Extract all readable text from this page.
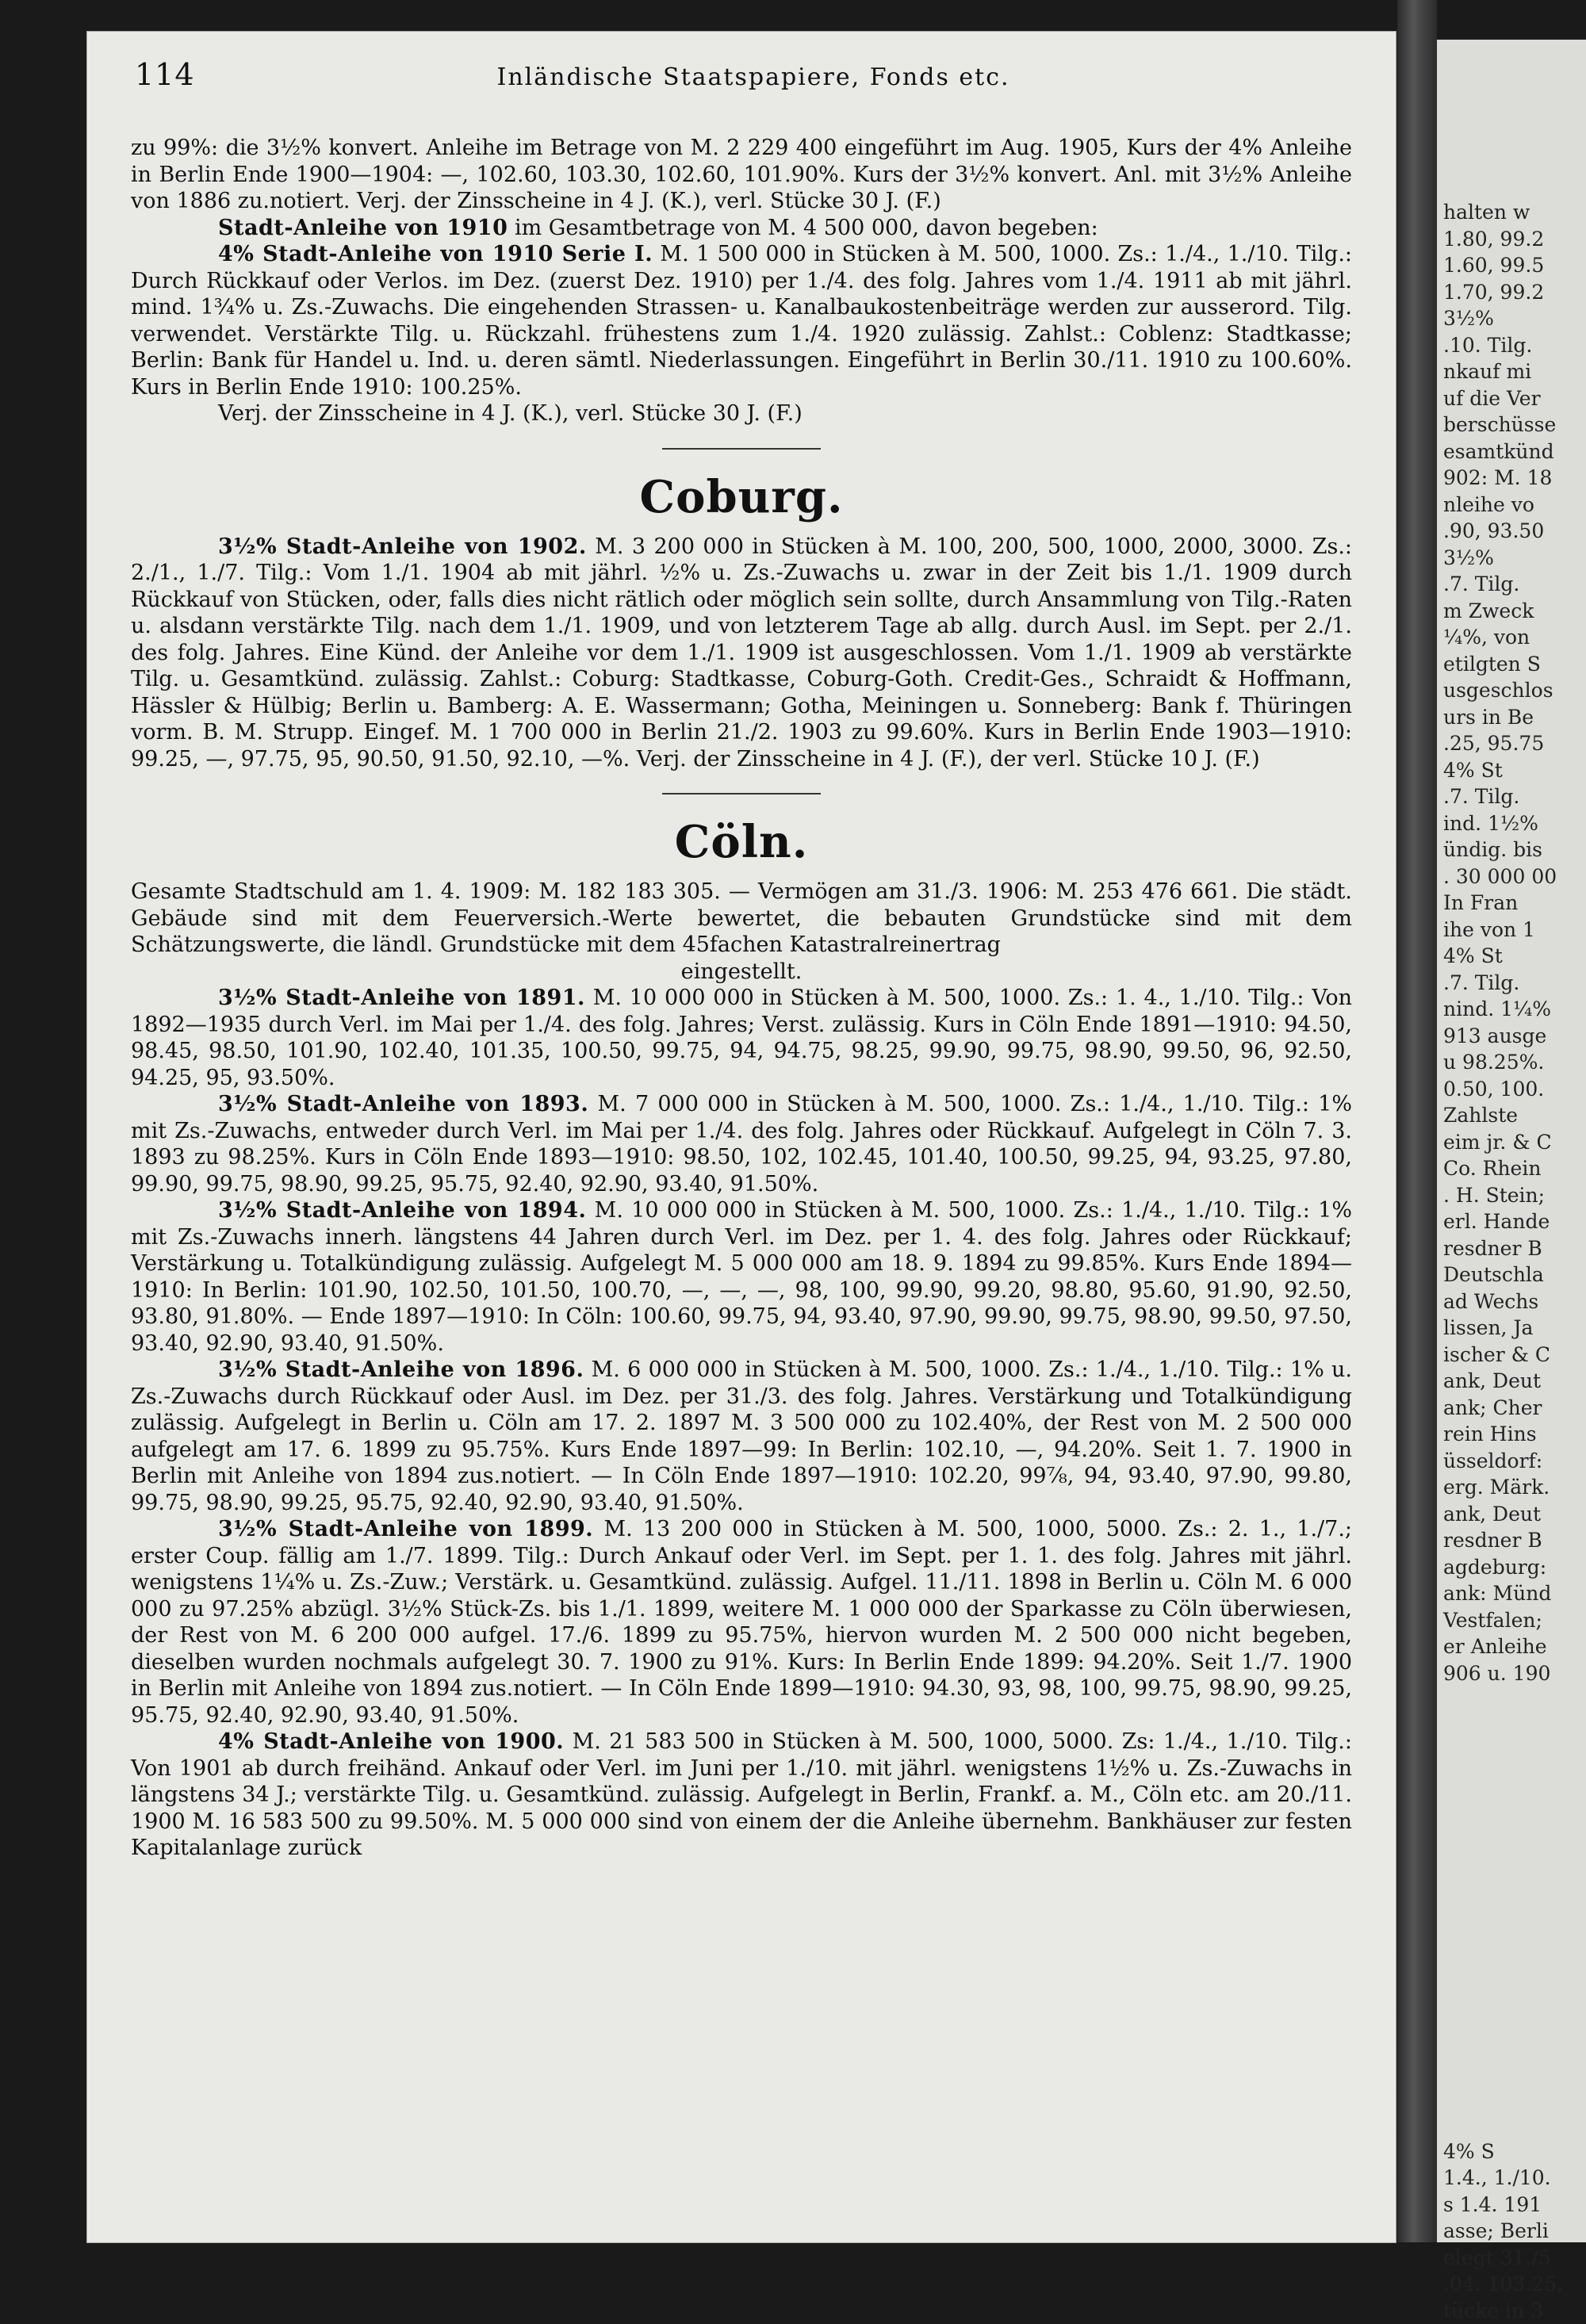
114	Inländische Staatspapiere, Fonds etc.

zu 99%: die 3½% konvert. Anleihe im Betrage von M. 2 229 400 eingeführt im Aug. 1905, Kurs der 4% Anleihe in Berlin Ende 1900—1904: —, 102.60, 103.30, 102.60, 101.90%. Kurs der 3½% konvert. Anl. mit 3½% Anleihe von 1886 zu.notiert. Verj. der Zinsscheine in 4 J. (K.), verl. Stücke 30 J. (F.)

Stadt-Anleihe von 1910 im Gesamtbetrage von M. 4 500 000, davon begeben:

4% Stadt-Anleihe von 1910 Serie I. M. 1 500 000 in Stücken à M. 500, 1000. Zs.: 1./4., 1./10. Tilg.: Durch Rückkauf oder Verlos. im Dez. (zuerst Dez. 1910) per 1./4. des folg. Jahres vom 1./4. 1911 ab mit jährl. mind. 1¾% u. Zs.-Zuwachs. Die eingehenden Strassen- u. Kanalbaukostenbeiträge werden zur ausserord. Tilg. verwendet. Verstärkte Tilg. u. Rückzahl. frühestens zum 1./4. 1920 zulässig. Zahlst.: Coblenz: Stadtkasse; Berlin: Bank für Handel u. Ind. u. deren sämtl. Niederlassungen. Eingeführt in Berlin 30./11. 1910 zu 100.60%. Kurs in Berlin Ende 1910: 100.25%.

Verj. der Zinsscheine in 4 J. (K.), verl. Stücke 30 J. (F.)

Coburg.

3½% Stadt-Anleihe von 1902. M. 3 200 000 in Stücken à M. 100, 200, 500, 1000, 2000, 3000. Zs.: 2./1., 1./7. Tilg.: Vom 1./1. 1904 ab mit jährl. ½% u. Zs.-Zuwachs u. zwar in der Zeit bis 1./1. 1909 durch Rückkauf von Stücken, oder, falls dies nicht rätlich oder möglich sein sollte, durch Ansammlung von Tilg.-Raten u. alsdann verstärkte Tilg. nach dem 1./1. 1909, und von letzterem Tage ab allg. durch Ausl. im Sept. per 2./1. des folg. Jahres. Eine Künd. der Anleihe vor dem 1./1. 1909 ist ausgeschlossen. Vom 1./1. 1909 ab verstärkte Tilg. u. Gesamtkünd. zulässig. Zahlst.: Coburg: Stadtkasse, Coburg-Goth. Credit-Ges., Schraidt & Hoffmann, Hässler & Hülbig; Berlin u. Bamberg: A. E. Wassermann; Gotha, Meiningen u. Sonneberg: Bank f. Thüringen vorm. B. M. Strupp. Eingef. M. 1 700 000 in Berlin 21./2. 1903 zu 99.60%. Kurs in Berlin Ende 1903—1910: 99.25, —, 97.75, 95, 90.50, 91.50, 92.10, —%. Verj. der Zinsscheine in 4 J. (F.), der verl. Stücke 10 J. (F.)

Cöln.

Gesamte Stadtschuld am 1. 4. 1909: M. 182 183 305. — Vermögen am 31./3. 1906: M. 253 476 661. Die städt. Gebäude sind mit dem Feuerversich.-Werte bewertet, die bebauten Grundstücke sind mit dem Schätzungswerte, die ländl. Grundstücke mit dem 45fachen Katastralreinertrag

eingestellt.

3½% Stadt-Anleihe von 1891. M. 10 000 000 in Stücken à M. 500, 1000. Zs.: 1. 4., 1./10. Tilg.: Von 1892—1935 durch Verl. im Mai per 1./4. des folg. Jahres; Verst. zulässig. Kurs in Cöln Ende 1891—1910: 94.50, 98.45, 98.50, 101.90, 102.40, 101.35, 100.50, 99.75, 94, 94.75, 98.25, 99.90, 99.75, 98.90, 99.50, 96, 92.50, 94.25, 95, 93.50%.

3½% Stadt-Anleihe von 1893. M. 7 000 000 in Stücken à M. 500, 1000. Zs.: 1./4., 1./10. Tilg.: 1% mit Zs.-Zuwachs, entweder durch Verl. im Mai per 1./4. des folg. Jahres oder Rückkauf. Aufgelegt in Cöln 7. 3. 1893 zu 98.25%. Kurs in Cöln Ende 1893—1910: 98.50, 102, 102.45, 101.40, 100.50, 99.25, 94, 93.25, 97.80, 99.90, 99.75, 98.90, 99.25, 95.75, 92.40, 92.90, 93.40, 91.50%.

3½% Stadt-Anleihe von 1894. M. 10 000 000 in Stücken à M. 500, 1000. Zs.: 1./4., 1./10. Tilg.: 1% mit Zs.-Zuwachs innerh. längstens 44 Jahren durch Verl. im Dez. per 1. 4. des folg. Jahres oder Rückkauf; Verstärkung u. Totalkündigung zulässig. Aufgelegt M. 5 000 000 am 18. 9. 1894 zu 99.85%. Kurs Ende 1894—1910: In Berlin: 101.90, 102.50, 101.50, 100.70, —, —, —, 98, 100, 99.90, 99.20, 98.80, 95.60, 91.90, 92.50, 93.80, 91.80%. — Ende 1897—1910: In Cöln: 100.60, 99.75, 94, 93.40, 97.90, 99.90, 99.75, 98.90, 99.50, 97.50, 93.40, 92.90, 93.40, 91.50%.

3½% Stadt-Anleihe von 1896. M. 6 000 000 in Stücken à M. 500, 1000. Zs.: 1./4., 1./10. Tilg.: 1% u. Zs.-Zuwachs durch Rückkauf oder Ausl. im Dez. per 31./3. des folg. Jahres. Verstärkung und Totalkündigung zulässig. Aufgelegt in Berlin u. Cöln am 17. 2. 1897 M. 3 500 000 zu 102.40%, der Rest von M. 2 500 000 aufgelegt am 17. 6. 1899 zu 95.75%. Kurs Ende 1897—99: In Berlin: 102.10, —, 94.20%. Seit 1. 7. 1900 in Berlin mit Anleihe von 1894 zus.notiert. — In Cöln Ende 1897—1910: 102.20, 99⅞, 94, 93.40, 97.90, 99.80, 99.75, 98.90, 99.25, 95.75, 92.40, 92.90, 93.40, 91.50%.

3½% Stadt-Anleihe von 1899. M. 13 200 000 in Stücken à M. 500, 1000, 5000. Zs.: 2. 1., 1./7.; erster Coup. fällig am 1./7. 1899. Tilg.: Durch Ankauf oder Verl. im Sept. per 1. 1. des folg. Jahres mit jährl. wenigstens 1¼% u. Zs.-Zuw.; Verstärk. u. Gesamtkünd. zulässig. Aufgel. 11./11. 1898 in Berlin u. Cöln M. 6 000 000 zu 97.25% abzügl. 3½% Stück-Zs. bis 1./1. 1899, weitere M. 1 000 000 der Sparkasse zu Cöln überwiesen, der Rest von M. 6 200 000 aufgel. 17./6. 1899 zu 95.75%, hiervon wurden M. 2 500 000 nicht begeben, dieselben wurden nochmals aufgelegt 30. 7. 1900 zu 91%. Kurs: In Berlin Ende 1899: 94.20%. Seit 1./7. 1900 in Berlin mit Anleihe von 1894 zus.notiert. — In Cöln Ende 1899—1910: 94.30, 93, 98, 100, 99.75, 98.90, 99.25, 95.75, 92.40, 92.90, 93.40, 91.50%.

4% Stadt-Anleihe von 1900. M. 21 583 500 in Stücken à M. 500, 1000, 5000. Zs: 1./4., 1./10. Tilg.: Von 1901 ab durch freihänd. Ankauf oder Verl. im Juni per 1./10. mit jährl. wenigstens 1½% u. Zs.-Zuwachs in längstens 34 J.; verstärkte Tilg. u. Gesamtkünd. zulässig. Aufgelegt in Berlin, Frankf. a. M., Cöln etc. am 20./11. 1900 M. 16 583 500 zu 99.50%. M. 5 000 000 sind von einem der die Anleihe übernehm. Bankhäuser zur festen Kapitalanlage zurück

halten w
1.80, 99.2
1.60, 99.5
1.70, 99.2
3½%
.10. Tilg.
nkauf mi
uf die Ver
berschüsse
esamtkünd
902: M. 18
nleihe vo
.90, 93.50
3½%
.7. Tilg.
m Zweck
¼%, von
etilgten S
usgeschlos
urs in Be
.25, 95.75
4% St
.7. Tilg.
ind. 1½%
ündig. bis
. 30 000 00
In Fran
ihe von 1
4% St
.7. Tilg.
nind. 1¼%
913 ausge
u 98.25%.
0.50, 100.
Zahlste
eim jr. & C
Co. Rhein
. H. Stein;
erl. Hande
resdner B
Deutschla
ad Wechs
lissen, Ja
ischer & C
ank, Deut
ank; Cher
rein Hins
üsseldorf:
erg. Märk.
ank, Deut
resdner B
agdeburg:
ank: Münd
Vestfalen;
er Anleihe
906 u. 190
4% S
1.4., 1./10.
s 1.4. 191
asse; Berli
elegt 31./5
.04. 103.25,
tücke in 3
